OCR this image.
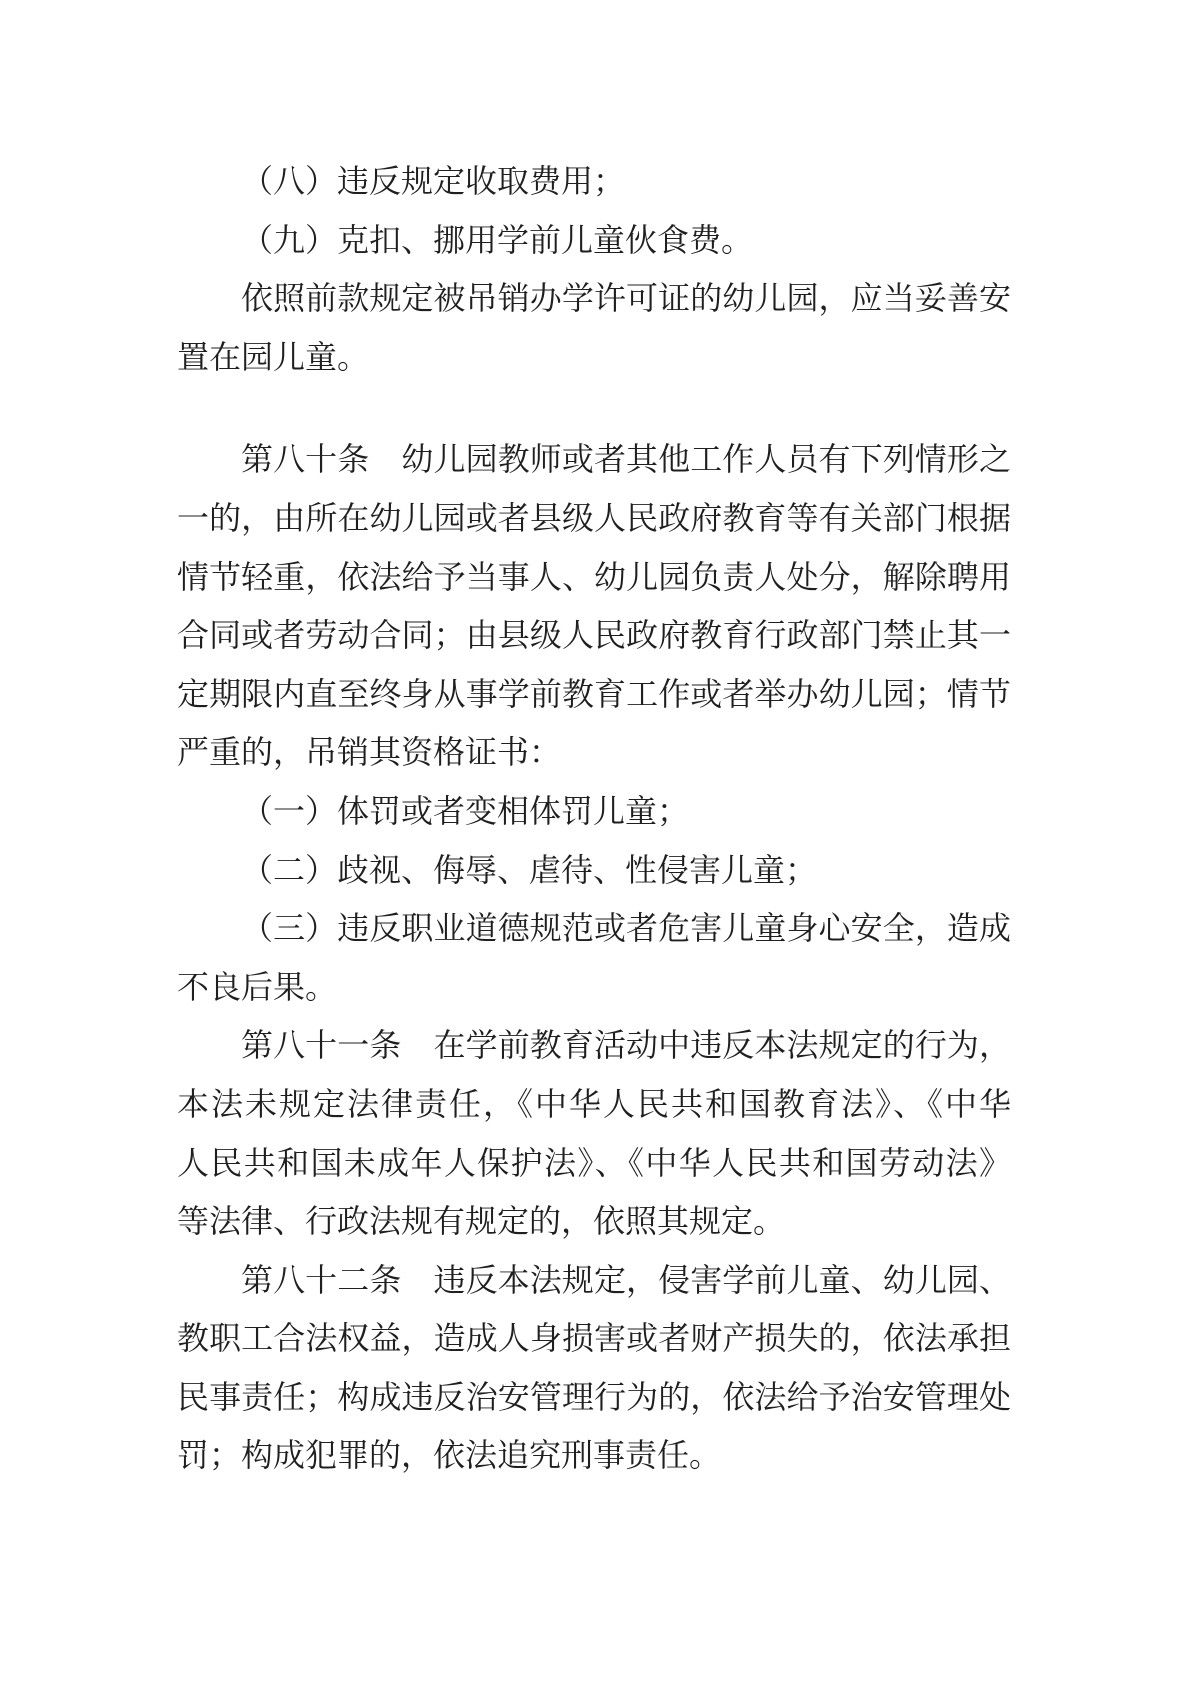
（八）违反规定收取费用；

（九）克扣、挪用学前儿童伙食费。

依照前款规定被吊销办学许可证的幼儿园，应当妥善安
置在园儿童。

第八十条　幼儿园教师或者其他工作人员有下列情形之
一的，由所在幼儿园或者县级人民政府教育等有关部门根据
情节轻重，依法给予当事人、幼儿园负责人处分，解除聘用
合同或者劳动合同；由县级人民政府教育行政部门禁止其一
定期限内直至终身从事学前教育工作或者举办幼儿园；情节
严重的，吊销其资格证书：

（一）体罚或者变相体罚儿童；

（二）歧视、侮辱、虐待、性侵害儿童；

（三）违反职业道德规范或者危害儿童身心安全，造成
不良后果。

第八十一条　在学前教育活动中违反本法规定的行为，
本法未规定法律责任，《中华人民共和国教育法》、《中华
人民共和国未成年人保护法》、《中华人民共和国劳动法》
等法律、行政法规有规定的，依照其规定。

第八十二条　违反本法规定，侵害学前儿童、幼儿园、
教职工合法权益，造成人身损害或者财产损失的，依法承担
民事责任；构成违反治安管理行为的，依法给予治安管理处
罚；构成犯罪的，依法追究刑事责任。
